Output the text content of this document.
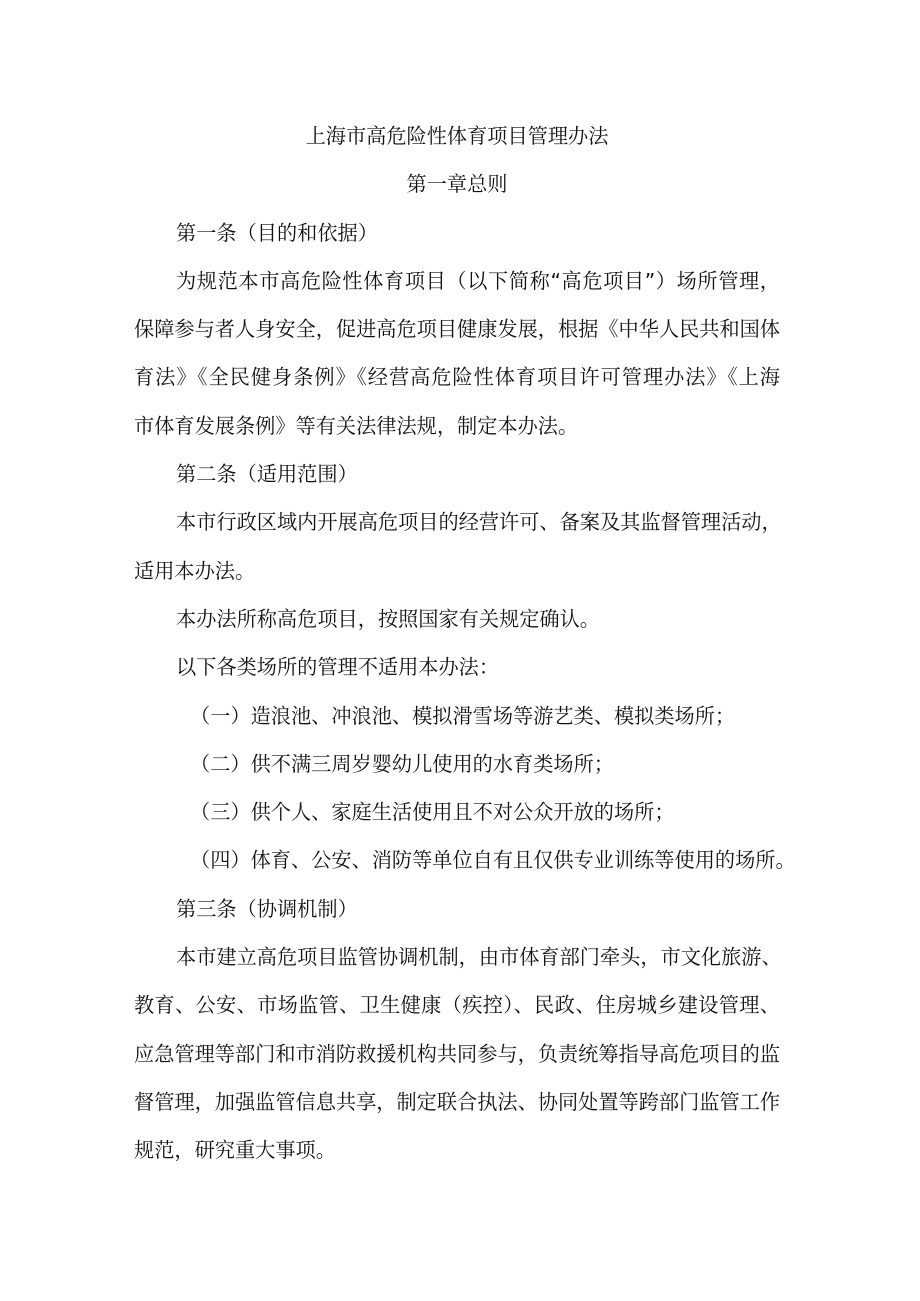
上海市高危险性体育项目管理办法
第一章总则
第一条（目的和依据）
为规范本市高危险性体育项目（以下简称“高危项目”）场所管理，
保障参与者人身安全，促进高危项目健康发展，根据《中华人民共和国体
育法》《全民健身条例》《经营高危险性体育项目许可管理办法》《上海
市体育发展条例》等有关法律法规，制定本办法。
第二条（适用范围）
本市行政区域内开展高危项目的经营许可、备案及其监督管理活动，
适用本办法。
本办法所称高危项目，按照国家有关规定确认。
以下各类场所的管理不适用本办法：
（一）造浪池、冲浪池、模拟滑雪场等游艺类、模拟类场所；
（二）供不满三周岁婴幼儿使用的水育类场所；
（三）供个人、家庭生活使用且不对公众开放的场所；
（四）体育、公安、消防等单位自有且仅供专业训练等使用的场所。
第三条（协调机制）
本市建立高危项目监管协调机制，由市体育部门牵头，市文化旅游、
教育、公安、市场监管、卫生健康（疾控）、民政、住房城乡建设管理、
应急管理等部门和市消防救援机构共同参与，负责统筹指导高危项目的监
督管理，加强监管信息共享，制定联合执法、协同处置等跨部门监管工作
规范，研究重大事项。
